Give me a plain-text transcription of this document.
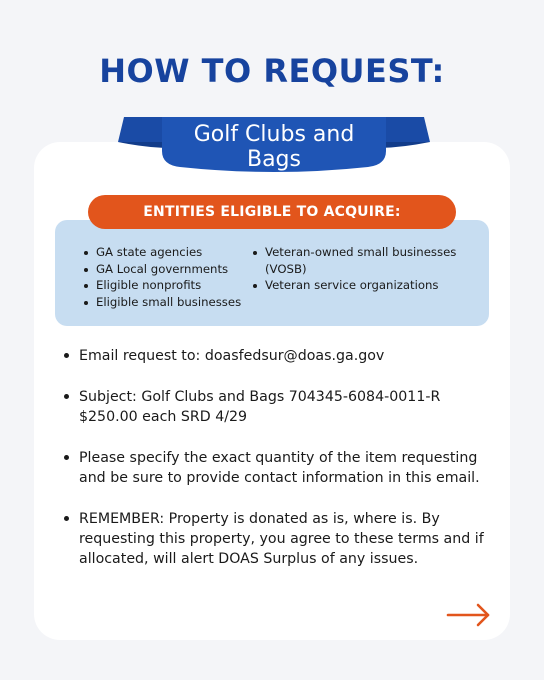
HOW TO REQUEST:
Golf Clubs and
Bags
ENTITIES ELIGIBLE TO ACQUIRE:
GA state agencies
GA Local governments
Eligible nonprofits
Eligible small businesses
Veteran-owned small businesses (VOSB)
Veteran service organizations
Email request to: doasfedsur@doas.ga.gov
Subject: Golf Clubs and Bags 704345-6084-0011-R $250.00 each SRD 4/29
Please specify the exact quantity of the item requesting and be sure to provide contact information in this email.
REMEMBER: Property is donated as is, where is. By requesting this property, you agree to these terms and if allocated, will alert DOAS Surplus of any issues.
